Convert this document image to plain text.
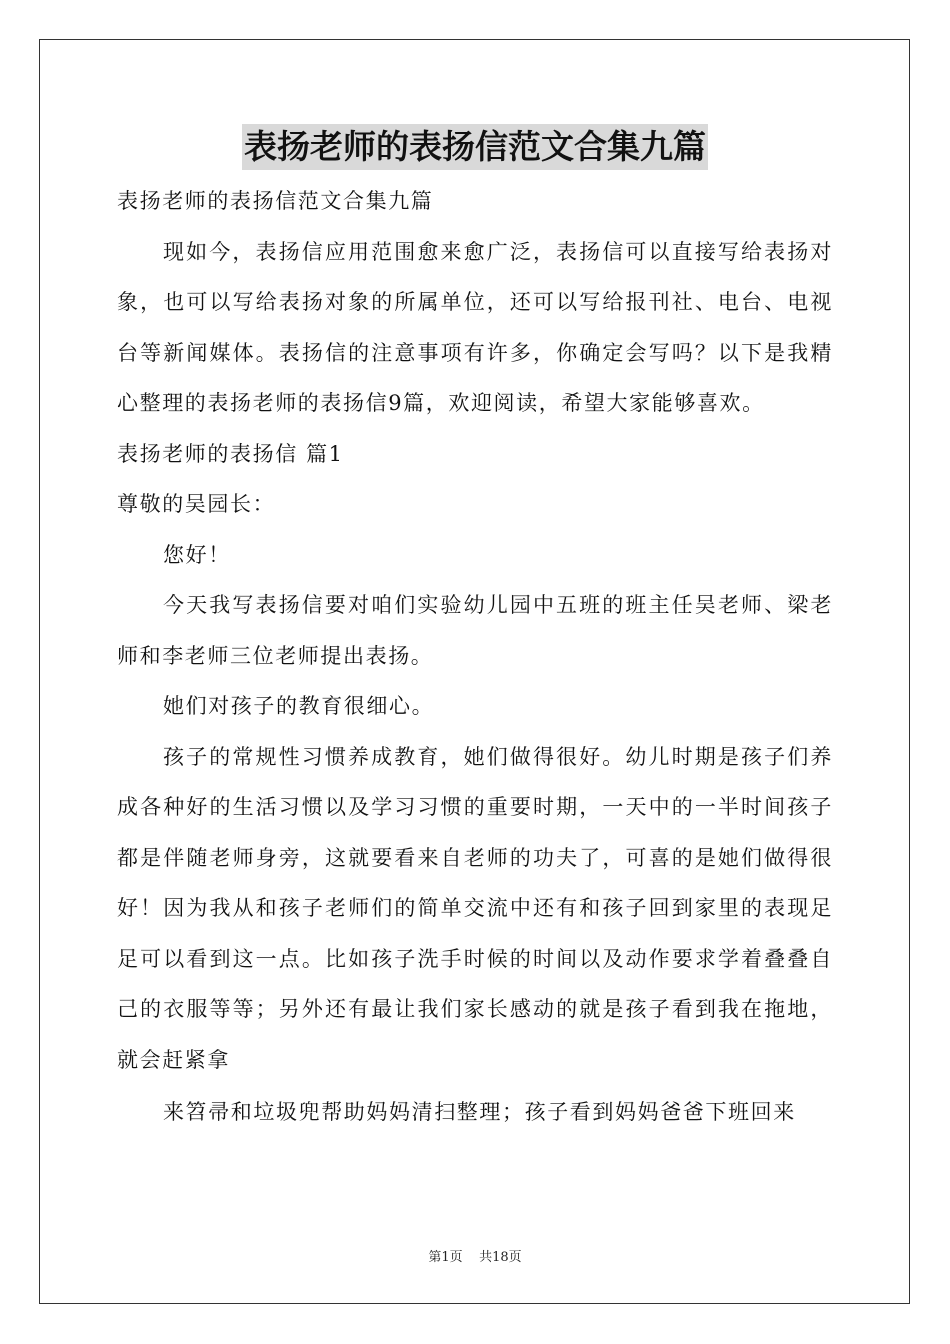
表扬老师的表扬信范文合集九篇

表扬老师的表扬信范文合集九篇

现如今，表扬信应用范围愈来愈广泛，表扬信可以直接写给表扬对象，也可以写给表扬对象的所属单位，还可以写给报刊社、电台、电视台等新闻媒体。表扬信的注意事项有许多，你确定会写吗？以下是我精心整理的表扬老师的表扬信9篇，欢迎阅读，希望大家能够喜欢。

表扬老师的表扬信 篇1

尊敬的吴园长：

您好！

今天我写表扬信要对咱们实验幼儿园中五班的班主任吴老师、梁老师和李老师三位老师提出表扬。

她们对孩子的教育很细心。

孩子的常规性习惯养成教育，她们做得很好。幼儿时期是孩子们养成各种好的生活习惯以及学习习惯的重要时期，一天中的一半时间孩子都是伴随老师身旁，这就要看来自老师的功夫了，可喜的是她们做得很好！因为我从和孩子老师们的简单交流中还有和孩子回到家里的表现足足可以看到这一点。比如孩子洗手时候的时间以及动作要求学着叠叠自己的衣服等等；另外还有最让我们家长感动的就是孩子看到我在拖地，就会赶紧拿

来笤帚和垃圾兜帮助妈妈清扫整理；孩子看到妈妈爸爸下班回来

第1页 共18页
